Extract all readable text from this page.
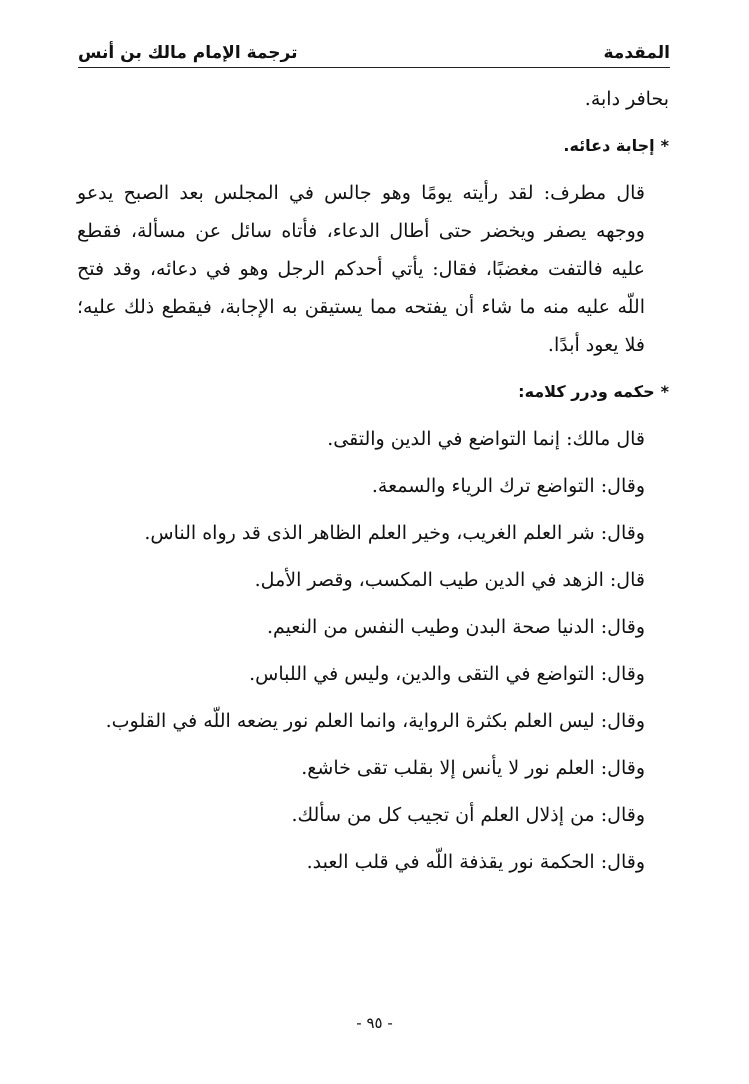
المقدمة
ترجمة الإمام مالك بن أنس

بحافر دابة.

*إجابة دعائه.

قال مطرف: لقد رأيته يومًا وهو جالس في المجلس بعد الصبح يدعو ووجهه يصفر ويخضر حتى أطال الدعاء، فأتاه سائل عن مسألة، فقطع عليه فالتفت مغضبًا، فقال: يأتي أحدكم الرجل وهو في دعائه، وقد فتح اللّه عليه منه ما شاء أن يفتحه مما يستيقن به الإجابة، فيقطع ذلك عليه؛ فلا يعود أبدًا.

*حكمه ودرر كلامه:

قال مالك: إنما التواضع في الدين والتقى.

وقال: التواضع ترك الرياء والسمعة.

وقال: شر العلم الغريب، وخير العلم الظاهر الذى قد رواه الناس.

قال: الزهد في الدين طيب المكسب، وقصر الأمل.

وقال: الدنيا صحة البدن وطيب النفس من النعيم.

وقال: التواضع في التقى والدين، وليس في اللباس.

وقال: ليس العلم بكثرة الرواية، وانما العلم نور يضعه اللّه في القلوب.

وقال: العلم نور لا يأنس إلا بقلب تقى خاشع.

وقال: من إذلال العلم أن تجيب كل من سألك.

وقال: الحكمة نور يقذفة اللّه في قلب العبد.

- ٩٥ -
